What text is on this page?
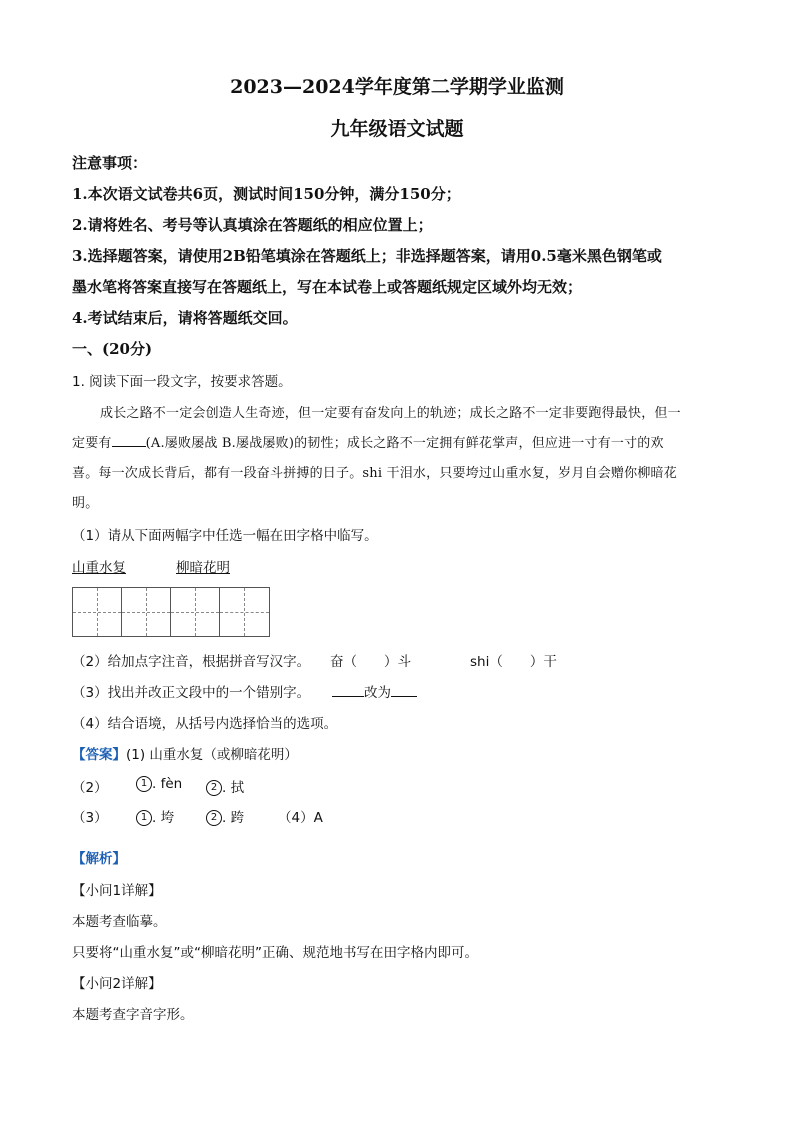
2023—2024学年度第二学期学业监测
九年级语文试题
注意事项：
1.本次语文试卷共6页，测试时间150分钟，满分150分；
2.请将姓名、考号等认真填涂在答题纸的相应位置上；
3.选择题答案，请使用2B铅笔填涂在答题纸上；非选择题答案，请用0.5毫米黑色钢笔或
墨水笔将答案直接写在答题纸上，写在本试卷上或答题纸规定区域外均无效；
4.考试结束后，请将答题纸交回。
一、(20分)
1. 阅读下面一段文字，按要求答题。
成长之路不一定会创造人生奇迹，但一定要有奋发向上的轨迹；成长之路不一定非要跑得最快，但一
定要有	(A.屡败屡战 B.屡战屡败)的韧性；成长之路不一定拥有鲜花掌声，但应进一寸有一寸的欢
喜。每一次成长背后，都有一段奋斗拼搏的日子。shi 干泪水，只要垮过山重水复，岁月自会赠你柳暗花
明。
（1）请从下面两幅字中任选一幅在田字格中临写。
山重水复	柳暗花明
（2）给加点字注音，根据拼音写汉字。 奋（　　）斗	shi（　　）干
（3）找出并改正文段中的一个错别字。	改为
（4）结合语境，从括号内选择恰当的选项。
【答案】(1) 山重水复（或柳暗花明）
（2）	1 . fèn	2 . 拭
（3）	1 . 垮	2 . 跨	（4）A
【解析】
【小问1详解】
本题考查临摹。
只要将“山重水复”或“柳暗花明”正确、规范地书写在田字格内即可。
【小问2详解】
本题考查字音字形。
